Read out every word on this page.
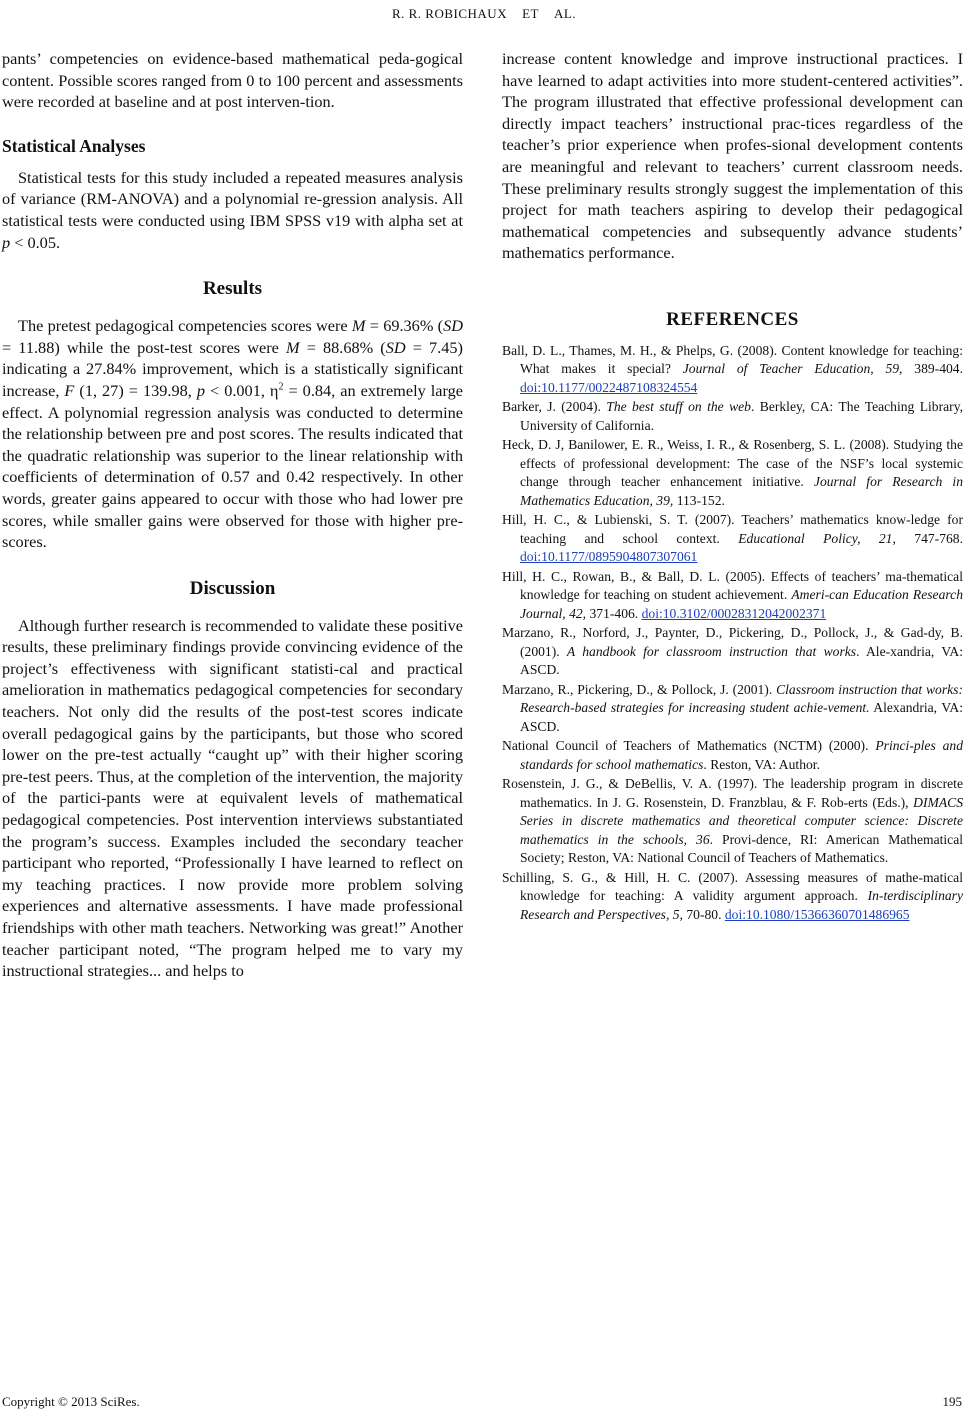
R. R. ROBICHAUX    ET    AL.

pants’ competencies on evidence-based mathematical peda-gogical content. Possible scores ranged from 0 to 100 percent and assessments were recorded at baseline and at post interven-tion.

Statistical Analyses

Statistical tests for this study included a repeated measures analysis of variance (RM-ANOVA) and a polynomial re-gression analysis. All statistical tests were conducted using IBM SPSS v19 with alpha set at p < 0.05.

Results

The pretest pedagogical competencies scores were M = 69.36% (SD = 11.88) while the post-test scores were M = 88.68% (SD = 7.45) indicating a 27.84% improvement, which is a statistically significant increase, F (1, 27) = 139.98, p < 0.001, $\eta^2 = 0.84$, an extremely large effect. A polynomial regression analysis was conducted to determine the relationship between pre and post scores. The results indicated that the quadratic relationship was superior to the linear relationship with coefficients of determination of 0.57 and 0.42 respectively. In other words, greater gains appeared to occur with those who had lower pre scores, while smaller gains were observed for those with higher pre-scores.

Discussion

Although further research is recommended to validate these positive results, these preliminary findings provide convincing evidence of the project’s effectiveness with significant statisti-cal and practical amelioration in mathematics pedagogical competencies for secondary teachers. Not only did the results of the post-test scores indicate overall pedagogical gains by the participants, but those who scored lower on the pre-test actually “caught up” with their higher scoring pre-test peers. Thus, at the completion of the intervention, the majority of the partici-pants were at equivalent levels of mathematical pedagogical competencies. Post intervention interviews substantiated the program’s success. Examples included the secondary teacher participant who reported, “Professionally I have learned to reflect on my teaching practices. I now provide more problem solving experiences and alternative assessments. I have made professional friendships with other math teachers. Networking was great!” Another teacher participant noted, “The program helped me to vary my instructional strategies... and helps to

increase content knowledge and improve instructional practices. I have learned to adapt activities into more student-centered activities”. The program illustrated that effective professional development can directly impact teachers’ instructional prac-tices regardless of the teacher’s prior experience when profes-sional development contents are meaningful and relevant to teachers’ current classroom needs. These preliminary results strongly suggest the implementation of this project for math teachers aspiring to develop their pedagogical mathematical competencies and subsequently advance students’ mathematics performance.

REFERENCES

Ball, D. L., Thames, M. H., & Phelps, G. (2008). Content knowledge for teaching: What makes it special? Journal of Teacher Education, 59, 389-404. doi:10.1177/0022487108324554

Barker, J. (2004). The best stuff on the web. Berkley, CA: The Teaching Library, University of California.

Heck, D. J, Banilower, E. R., Weiss, I. R., & Rosenberg, S. L. (2008). Studying the effects of professional development: The case of the NSF’s local systemic change through teacher enhancement initiative. Journal for Research in Mathematics Education, 39, 113-152.

Hill, H. C., & Lubienski, S. T. (2007). Teachers’ mathematics know-ledge for teaching and school context. Educational Policy, 21, 747-768. doi:10.1177/0895904807307061

Hill, H. C., Rowan, B., & Ball, D. L. (2005). Effects of teachers’ ma-thematical knowledge for teaching on student achievement. Ameri-can Education Research Journal, 42, 371-406. doi:10.3102/00028312042002371

Marzano, R., Norford, J., Paynter, D., Pickering, D., Pollock, J., & Gad-dy, B. (2001). A handbook for classroom instruction that works. Ale-xandria, VA: ASCD.

Marzano, R., Pickering, D., & Pollock, J. (2001). Classroom instruction that works: Research-based strategies for increasing student achie-vement. Alexandria, VA: ASCD.

National Council of Teachers of Mathematics (NCTM) (2000). Princi-ples and standards for school mathematics. Reston, VA: Author.

Rosenstein, J. G., & DeBellis, V. A. (1997). The leadership program in discrete mathematics. In J. G. Rosenstein, D. Franzblau, & F. Rob-erts (Eds.), DIMACS Series in discrete mathematics and theoretical computer science: Discrete mathematics in the schools, 36. Provi-dence, RI: American Mathematical Society; Reston, VA: National Council of Teachers of Mathematics.

Schilling, S. G., & Hill, H. C. (2007). Assessing measures of mathe-matical knowledge for teaching: A validity argument approach. In-terdisciplinary Research and Perspectives, 5, 70-80. doi:10.1080/15366360701486965

Copyright © 2013 SciRes.	195
